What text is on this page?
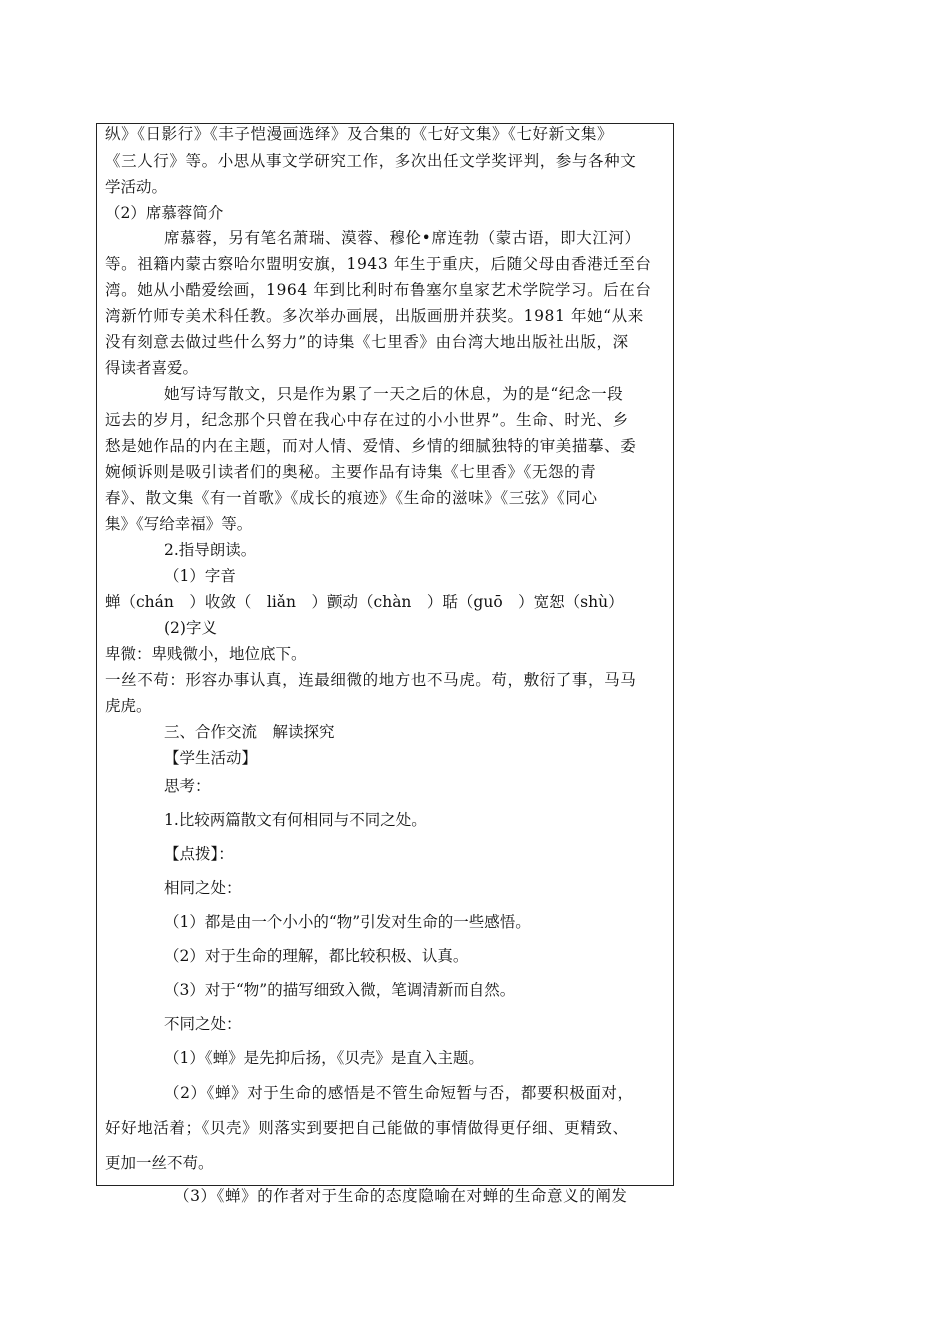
纵》《日影行》《丰子恺漫画选绎》及合集的《七好文集》《七好新文集》
《三人行》等。小思从事文学研究工作，多次出任文学奖评判，参与各种文
学活动。
（2）席慕蓉简介
席慕蓉，另有笔名萧瑞、漠蓉、穆伦•席连勃（蒙古语，即大江河）
等。祖籍内蒙古察哈尔盟明安旗，1943 年生于重庆，后随父母由香港迁至台
湾。她从小酷爱绘画，1964 年到比利时布鲁塞尔皇家艺术学院学习。后在台
湾新竹师专美术科任教。多次举办画展，出版画册并获奖。1981 年她“从来
没有刻意去做过些什么努力”的诗集《七里香》由台湾大地出版社出版，深
得读者喜爱。
她写诗写散文，只是作为累了一天之后的休息，为的是“纪念一段
远去的岁月，纪念那个只曾在我心中存在过的小小世界”。生命、时光、乡
愁是她作品的内在主题，而对人情、爱情、乡情的细腻独特的审美描摹、委
婉倾诉则是吸引读者们的奥秘。主要作品有诗集《七里香》《无怨的青
春》、散文集《有一首歌》《成长的痕迹》《生命的滋味》《三弦》《同心
集》《写给幸福》等。
2.指导朗读。
（1）字音
蝉（chán　）收敛（　liǎn　）颤动（chàn　）聒（guō　）宽恕（shù）
(2)字义
卑微：卑贱微小，地位底下。
一丝不苟：形容办事认真，连最细微的地方也不马虎。苟，敷衍了事，马马
虎虎。
三、合作交流　解读探究
【学生活动】
思考：
1.比较两篇散文有何相同与不同之处。
【点拨】：
相同之处：
（1）都是由一个小小的“物”引发对生命的一些感悟。
（2）对于生命的理解，都比较积极、认真。
（3）对于“物”的描写细致入微，笔调清新而自然。
不同之处：
（1）《蝉》是先抑后扬，《贝壳》是直入主题。
（2）《蝉》对于生命的感悟是不管生命短暂与否，都要积极面对，
好好地活着；《贝壳》则落实到要把自己能做的事情做得更仔细、更精致、
更加一丝不苟。
（3）《蝉》的作者对于生命的态度隐喻在对蝉的生命意义的阐发
